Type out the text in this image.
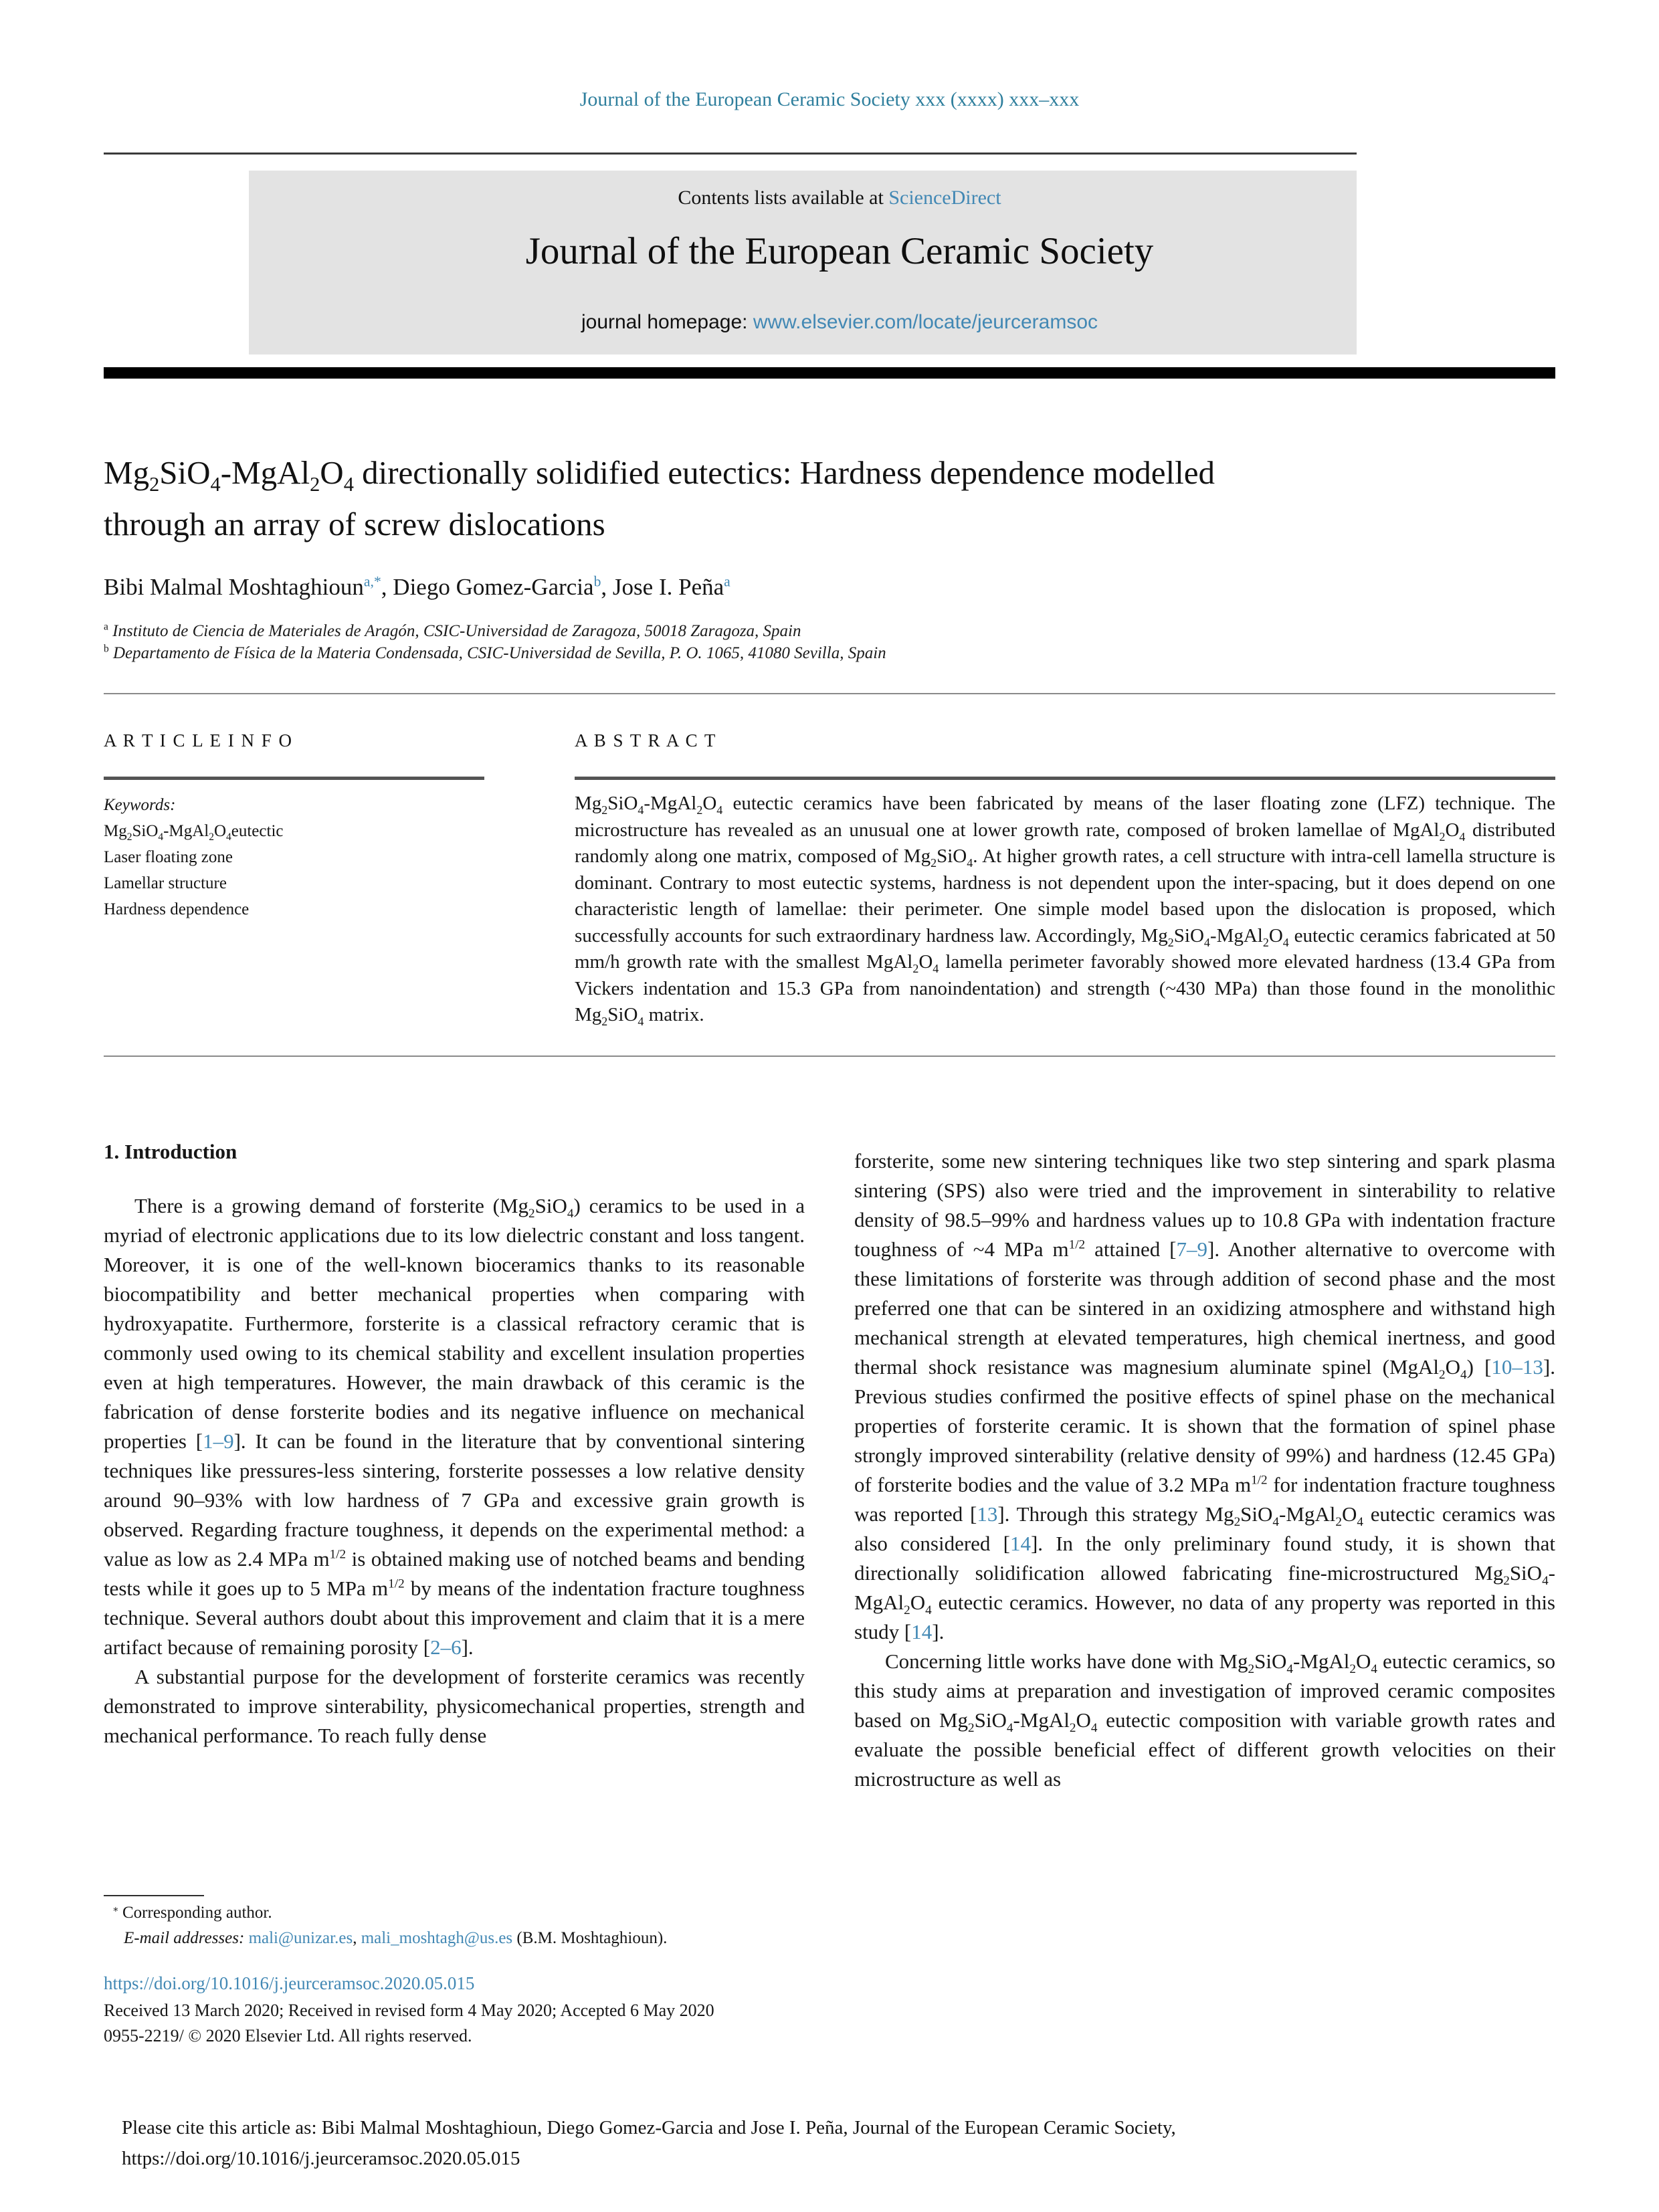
Journal of the European Ceramic Society xxx (xxxx) xxx–xxx
Contents lists available at ScienceDirect
Journal of the European Ceramic Society
journal homepage: www.elsevier.com/locate/jeurceramsoc
$Mg_2SiO_4-MgAl_2O_4$ directionally solidified eutectics: Hardness dependence modelled through an array of screw dislocations
Bibi Malmal Moshtaghioun$^{a,*}$, Diego Gomez-Garcia$^b$, Jose I. Peña$^a$
$^a$ Instituto de Ciencia de Materiales de Aragón, CSIC-Universidad de Zaragoza, 50018 Zaragoza, Spain
$^b$ Departamento de Física de la Materia Condensada, CSIC-Universidad de Sevilla, P. O. 1065, 41080 Sevilla, Spain
A R T I C L E I N F O	A B S T R A C T
Keywords:
$Mg_2SiO_4-MgAl_2O_4eutectic$
Laser floating zone
Lamellar structure
Hardness dependence
$Mg_2SiO_4-MgAl_2O_4$ eutectic ceramics have been fabricated by means of the laser floating zone (LFZ) technique. The microstructure has revealed as an unusual one at lower growth rate, composed of broken lamellae of $MgAl_2O_4$ distributed randomly along one matrix, composed of $Mg_2SiO_4$. At higher growth rates, a cell structure with intra-cell lamella structure is dominant. Contrary to most eutectic systems, hardness is not dependent upon the inter-spacing, but it does depend on one characteristic length of lamellae: their perimeter. One simple model based upon the dislocation is proposed, which successfully accounts for such extraordinary hardness law. Accordingly, $Mg_2SiO_4-MgAl_2O_4$ eutectic ceramics fabricated at 50 mm/h growth rate with the smallest $MgAl_2O_4$ lamella perimeter favorably showed more elevated hardness (13.4 GPa from Vickers indentation and 15.3 GPa from nanoindentation) and strength (~430 MPa) than those found in the monolithic $Mg_2SiO_4$ matrix.
1. Introduction

There is a growing demand of forsterite $(Mg_2SiO_4)$ ceramics to be used in a myriad of electronic applications due to its low dielectric constant and loss tangent. Moreover, it is one of the well-known bioceramics thanks to its reasonable biocompatibility and better mechanical properties when comparing with hydroxyapatite. Furthermore, forsterite is a classical refractory ceramic that is commonly used owing to its chemical stability and excellent insulation properties even at high temperatures. However, the main drawback of this ceramic is the fabrication of dense forsterite bodies and its negative influence on mechanical properties [1–9]. It can be found in the literature that by conventional sintering techniques like pressures-less sintering, forsterite possesses a low relative density around 90–93% with low hardness of 7 GPa and excessive grain growth is observed. Regarding fracture toughness, it depends on the experimental method: a value as low as 2.4 MPa $m^{1/2}$ is obtained making use of notched beams and bending tests while it goes up to 5 MPa $m^{1/2}$ by means of the indentation fracture toughness technique. Several authors doubt about this improvement and claim that it is a mere artifact because of remaining porosity [2–6].

A substantial purpose for the development of forsterite ceramics was recently demonstrated to improve sinterability, physicomechanical properties, strength and mechanical performance. To reach fully dense

forsterite, some new sintering techniques like two step sintering and spark plasma sintering (SPS) also were tried and the improvement in sinterability to relative density of 98.5–99% and hardness values up to 10.8 GPa with indentation fracture toughness of ~4 MPa $m^{1/2}$ attained [7–9]. Another alternative to overcome with these limitations of forsterite was through addition of second phase and the most preferred one that can be sintered in an oxidizing atmosphere and withstand high mechanical strength at elevated temperatures, high chemical inertness, and good thermal shock resistance was magnesium aluminate spinel $(MgAl_2O_4)$ [10–13]. Previous studies confirmed the positive effects of spinel phase on the mechanical properties of forsterite ceramic. It is shown that the formation of spinel phase strongly improved sinterability (relative density of 99%) and hardness (12.45 GPa) of forsterite bodies and the value of 3.2 MPa $m^{1/2}$ for indentation fracture toughness was reported [13]. Through this strategy $Mg_2SiO_4-MgAl_2O_4$ eutectic ceramics was also considered [14]. In the only preliminary found study, it is shown that directionally solidification allowed fabricating fine-microstructured $Mg_2SiO_4-MgAl_2O_4$ eutectic ceramics. However, no data of any property was reported in this study [14].

Concerning little works have done with $Mg_2SiO_4-MgAl_2O_4$ eutectic ceramics, so this study aims at preparation and investigation of improved ceramic composites based on $Mg_2SiO_4-MgAl_2O_4$ eutectic composition with variable growth rates and evaluate the possible beneficial effect of different growth velocities on their microstructure as well as

⁎ Corresponding author.
E-mail addresses: mali@unizar.es, mali_moshtagh@us.es (B.M. Moshtaghioun).
https://doi.org/10.1016/j.jeurceramsoc.2020.05.015
Received 13 March 2020; Received in revised form 4 May 2020; Accepted 6 May 2020
0955-2219/ © 2020 Elsevier Ltd. All rights reserved.
Please cite this article as: Bibi Malmal Moshtaghioun, Diego Gomez-Garcia and Jose I. Peña, Journal of the European Ceramic Society,
https://doi.org/10.1016/j.jeurceramsoc.2020.05.015
